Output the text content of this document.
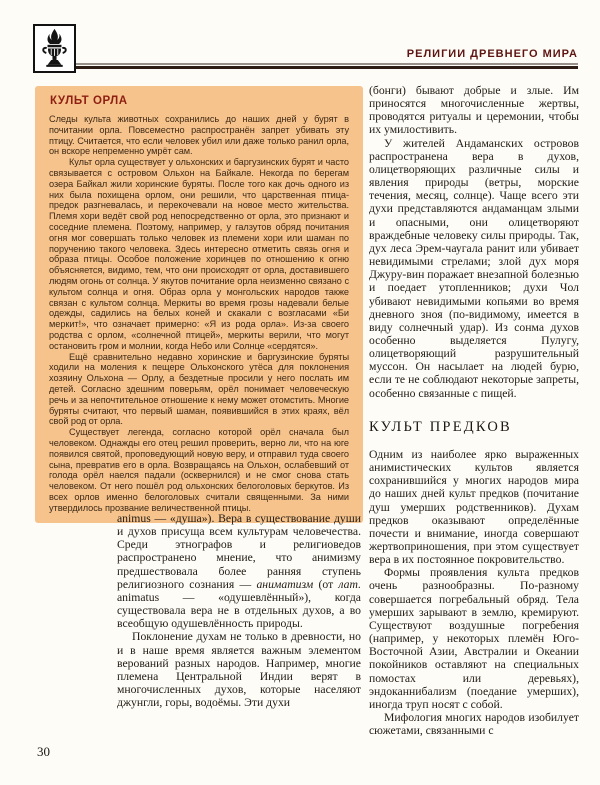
РЕЛИГИИ ДРЕВНЕГО МИРА
КУЛЬТ ОРЛА

Следы культа животных сохранились до наших дней у бурят в почитании орла. Повсеместно распространён запрет убивать эту птицу. Считается, что если человек убил или даже только ранил орла, он вскоре непременно умрёт сам.

Культ орла существует у ольхонских и баргузинских бурят и часто связывается с островом Ольхон на Байкале. Некогда по берегам озера Байкал жили хоринские буряты. После того как дочь одного из них была похищена орлом, они решили, что царственная птица-предок разгневалась, и перекочевали на новое место жительства. Племя хори ведёт свой род непосредственно от орла, это признают и соседние племена. Поэтому, например, у галзутов обряд почитания огня мог совершать только человек из племени хори или шаман по поручению такого человека. Здесь интересно отметить связь огня и образа птицы. Особое положение хоринцев по отношению к огню объясняется, видимо, тем, что они происходят от орла, доставившего людям огонь от солнца. У якутов почитание орла неизменно связано с культом солнца и огня. Образ орла у монгольских народов также связан с культом солнца. Меркиты во время грозы надевали белые одежды, садились на белых коней и скакали с возгласами «Би меркит!», что означает примерно: «Я из рода орла». Из-за своего родства с орлом, «солнечной птицей», меркиты верили, что могут остановить гром и молнии, когда Небо или Солнце «сердятся».

Ещё сравнительно недавно хоринские и баргузинские буряты ходили на моления к пещере Ольхонского утёса для поклонения хозяину Ольхона — Орлу, а бездетные просили у него послать им детей. Согласно здешним поверьям, орёл понимает человеческую речь и за непочтительное отношение к нему может отомстить. Многие буряты считают, что первый шаман, появившийся в этих краях, вёл свой род от орла.

Существует легенда, согласно которой орёл сначала был человеком. Однажды его отец решил проверить, верно ли, что на юге появился святой, проповедующий новую веру, и отправил туда своего сына, превратив его в орла. Возвращаясь на Ольхон, ослабевший от голода орёл наелся падали (осквернился) и не смог снова стать человеком. От него пошёл род ольхонских белоголовых беркутов. Из всех орлов именно белоголовых считали священными. За ними утвердилось прозвание величественной птицы.

animus — «душа»). Вера в существование души и духов присуща всем культурам человечества. Среди этнографов и религиоведов распространено мнение, что анимизму предшествовала более ранняя ступень религиозного сознания — аниматизм (от лат. animatus — «одушевлённый»), когда существовала вера не в отдельных духов, а во всеобщую одушевлённость природы.

Поклонение духам не только в древности, но и в наше время является важным элементом верований разных народов. Например, многие племена Центральной Индии верят в многочисленных духов, которые населяют джунгли, горы, водоёмы. Эти духи

(бонги) бывают добрые и злые. Им приносятся многочисленные жертвы, проводятся ритуалы и церемонии, чтобы их умилостивить.

У жителей Андаманских островов распространена вера в духов, олицетворяющих различные силы и явления природы (ветры, морские течения, месяц, солнце). Чаще всего эти духи представляются андаманцам злыми и опасными, они олицетворяют враждебные человеку силы природы. Так, дух леса Эрем-чаугала ранит или убивает невидимыми стрелами; злой дух моря Джуру-вин поражает внезапной болезнью и поедает утопленников; духи Чол убивают невидимыми копьями во время дневного зноя (по-видимому, имеется в виду солнечный удар). Из сонма духов особенно выделяется Пулугу, олицетворяющий разрушительный муссон. Он насылает на людей бурю, если те не соблюдают некоторые запреты, особенно связанные с пищей.

КУЛЬТ ПРЕДКОВ

Одним из наиболее ярко выраженных анимистических культов является сохранившийся у многих народов мира до наших дней культ предков (почитание душ умерших родственников). Духам предков оказывают определённые почести и внимание, иногда совершают жертвоприношения, при этом существует вера в их постоянное покровительство.

Формы проявления культа предков очень разнообразны. По-разному совершается погребальный обряд. Тела умерших зарывают в землю, кремируют. Существуют воздушные погребения (например, у некоторых племён Юго-Восточной Азии, Австралии и Океании покойников оставляют на специальных помостах или деревьях), эндоканнибализм (поедание умерших), иногда труп носят с собой.

Мифология многих народов изобилует сюжетами, связанными с

30
